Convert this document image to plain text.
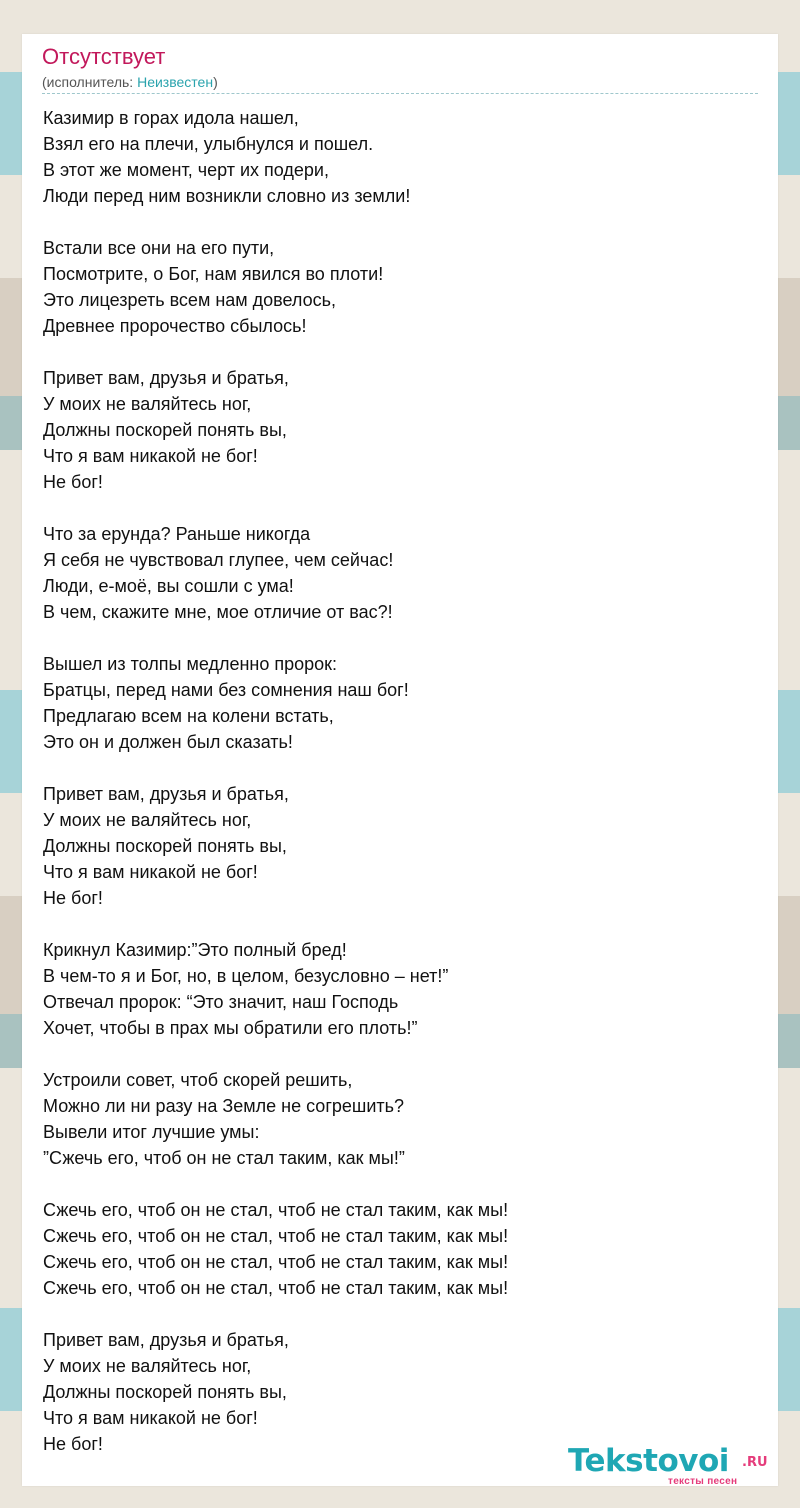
Отсутствует
(исполнитель: Неизвестен)
Казимир в горах идола нашел,
Взял его на плечи, улыбнулся и пошел.
В этот же момент, черт их подери,
Люди перед ним возникли словно из земли!
Встали все они на его пути,
Посмотрите, о Бог, нам явился во плоти!
Это лицезреть всем нам довелось,
Древнее пророчество сбылось!
Привет вам, друзья и братья,
У моих не валяйтесь ног,
Должны поскорей понять вы,
Что я вам никакой не бог!
Не бог!
Что за ерунда? Раньше никогда
Я себя не чувствовал глупее, чем сейчас!
Люди, е-моё, вы сошли с ума!
В чем, скажите мне, мое отличие от вас?!
Вышел из толпы медленно пророк:
Братцы, перед нами без сомнения наш бог!
Предлагаю всем на колени встать,
Это он и должен был сказать!
Привет вам, друзья и братья,
У моих не валяйтесь ног,
Должны поскорей понять вы,
Что я вам никакой не бог!
Не бог!
Крикнул Казимир:”Это полный бред!
В чем-то я и Бог, но, в целом, безусловно – нет!”
Отвечал пророк: “Это значит, наш Господь
Хочет, чтобы в прах мы обратили его плоть!”
Устроили совет, чтоб скорей решить,
Можно ли ни разу на Земле не согрешить?
Вывели итог лучшие умы:
”Сжечь его, чтоб он не стал таким, как мы!”
Сжечь его, чтоб он не стал, чтоб не стал таким, как мы!
Сжечь его, чтоб он не стал, чтоб не стал таким, как мы!
Сжечь его, чтоб он не стал, чтоб не стал таким, как мы!
Сжечь его, чтоб он не стал, чтоб не стал таким, как мы!
Привет вам, друзья и братья,
У моих не валяйтесь ног,
Должны поскорей понять вы,
Что я вам никакой не бог!
Не бог!	Tekstovoi .RU
тексты песен
